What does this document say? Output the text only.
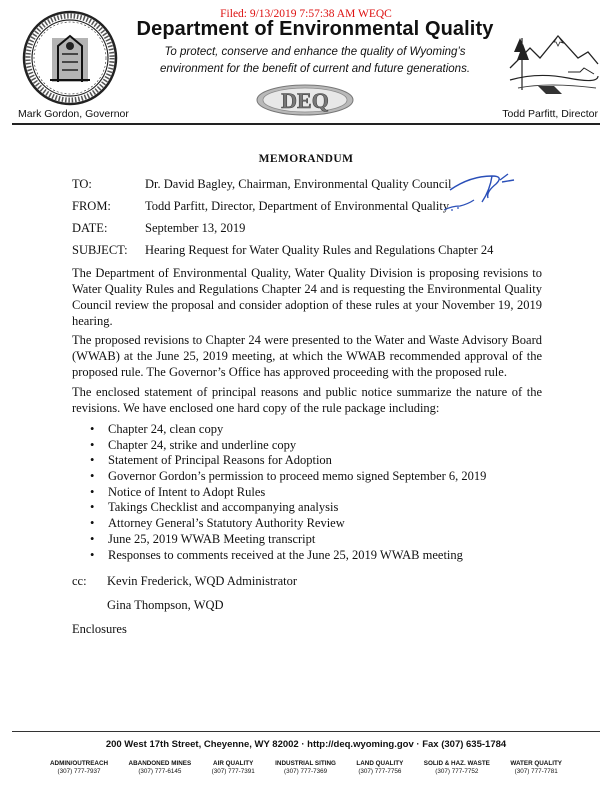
Filed: 9/13/2019 7:57:38 AM WEQC
Department of Environmental Quality
To protect, conserve and enhance the quality of Wyoming’s
environment for the benefit of current and future generations.
DEQ
Mark Gordon, Governor	Todd Parfitt, Director
MEMORANDUM
TO:	Dr. David Bagley, Chairman, Environmental Quality Council
FROM:	Todd Parfitt, Director, Department of Environmental Quality
DATE:	September 13, 2019
SUBJECT: Hearing Request for Water Quality Rules and Regulations Chapter 24
The Department of Environmental Quality, Water Quality Division is proposing revisions to Water Quality Rules and Regulations Chapter 24 and is requesting the Environmental Quality Council review the proposal and consider adoption of these rules at your November 19, 2019 hearing.
The proposed revisions to Chapter 24 were presented to the Water and Waste Advisory Board (WWAB) at the June 25, 2019 meeting, at which the WWAB recommended approval of the proposed rule. The Governor’s Office has approved proceeding with the proposed rule.
The enclosed statement of principal reasons and public notice summarize the nature of the revisions. We have enclosed one hard copy of the rule package including:
• Chapter 24, clean copy
• Chapter 24, strike and underline copy
• Statement of Principal Reasons for Adoption
• Governor Gordon’s permission to proceed memo signed September 6, 2019
• Notice of Intent to Adopt Rules
• Takings Checklist and accompanying analysis
• Attorney General’s Statutory Authority Review
• June 25, 2019 WWAB Meeting transcript
• Responses to comments received at the June 25, 2019 WWAB meeting
cc: Kevin Frederick, WQD Administrator
Gina Thompson, WQD
Enclosures
200 West 17th Street, Cheyenne, WY 82002 · http://deq.wyoming.gov · Fax (307) 635-1784
ADMIN/OUTREACH
(307) 777-7937
ABANDONED MINES
(307) 777-6145
AIR QUALITY
(307) 777-7391
INDUSTRIAL SITING
(307) 777-7369
LAND QUALITY
(307) 777-7756
SOLID & HAZ. WASTE
(307) 777-7752
WATER QUALITY
(307) 777-7781
